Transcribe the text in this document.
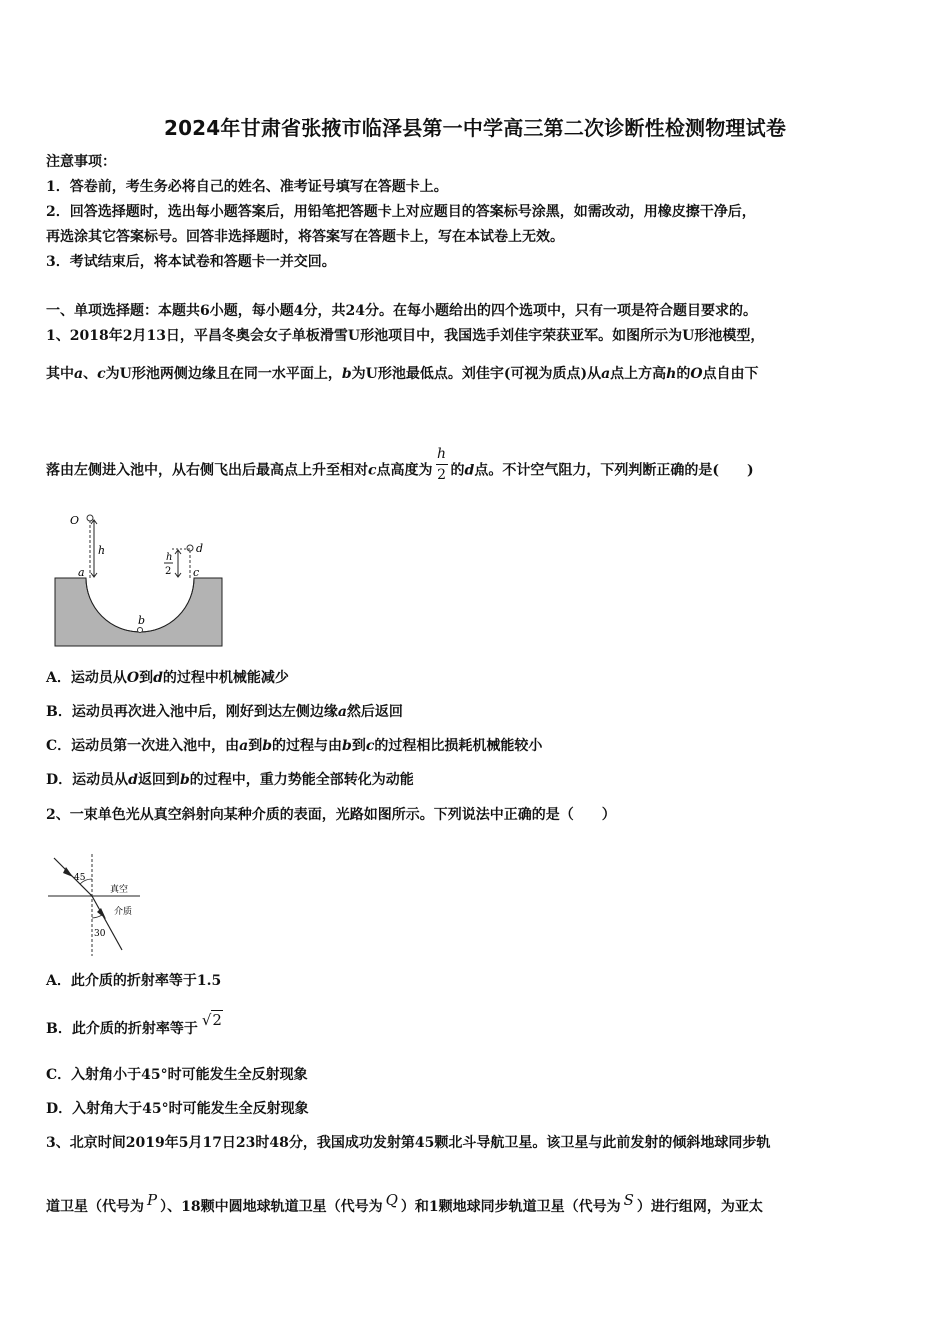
2024年甘肃省张掖市临泽县第一中学高三第二次诊断性检测物理试卷
注意事项：
1．答卷前，考生务必将自己的姓名、准考证号填写在答题卡上。
2．回答选择题时，选出每小题答案后，用铅笔把答题卡上对应题目的答案标号涂黑，如需改动，用橡皮擦干净后，
再选涂其它答案标号。回答非选择题时，将答案写在答题卡上，写在本试卷上无效。
3．考试结束后，将本试卷和答题卡一并交回。
一、单项选择题：本题共6小题，每小题4分，共24分。在每小题给出的四个选项中，只有一项是符合题目要求的。
1、2018年2月13日，平昌冬奥会女子单板滑雪U形池项目中，我国选手刘佳宇荣获亚军。如图所示为U形池模型，
其中a、c为U形池两侧边缘且在同一水平面上，b为U形池最低点。刘佳宇(可视为质点)从a点上方高h的O点自由下
落由左侧进入池中，从右侧飞出后最高点上升至相对c点高度为 $\frac{h}{2}$ 的d点。不计空气阻力，下列判断正确的是(　　)
O
h
a
d
c
h
2
b
A．运动员从O到d的过程中机械能减少
B．运动员再次进入池中后，刚好到达左侧边缘a然后返回
C．运动员第一次进入池中，由a到b的过程与由b到c的过程相比损耗机械能较小
D．运动员从d返回到b的过程中，重力势能全部转化为动能
2、一束单色光从真空斜射向某种介质的表面，光路如图所示。下列说法中正确的是（　　）
45
30
真空
介质
A．此介质的折射率等于1.5
B．此介质的折射率等于 √2
C．入射角小于45°时可能发生全反射现象
D．入射角大于45°时可能发生全反射现象
3、北京时间2019年5月17日23时48分，我国成功发射第45颗北斗导航卫星。该卫星与此前发射的倾斜地球同步轨
道卫星（代号为 P ）、18颗中圆地球轨道卫星（代号为 Q ）和1颗地球同步轨道卫星（代号为 S ）进行组网，为亚太
